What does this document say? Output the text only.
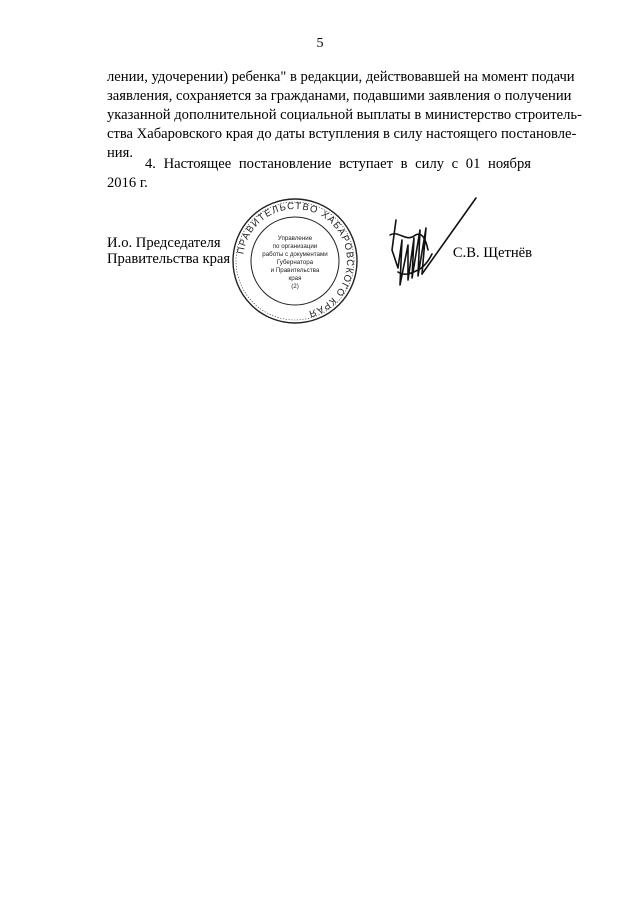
5
лении, удочерении) ребенка" в редакции, действовавшей на момент подачи
заявления, сохраняется за гражданами, подавшими заявления о получении
указанной дополнительной социальной выплаты в министерство строитель-
ства Хабаровского края до даты вступления в силу настоящего постановле-
ния.
4. Настоящее постановление вступает в силу с 01 ноября 2016 г.
И.о. Председателя
Правительства края
ПРАВИТЕЛЬСТВО ХАБАРОВСКОГО КРАЯ
Управление
по организации
работы с документами
Губернатора
и Правительства
края
(2)
С.В. Щетнёв
